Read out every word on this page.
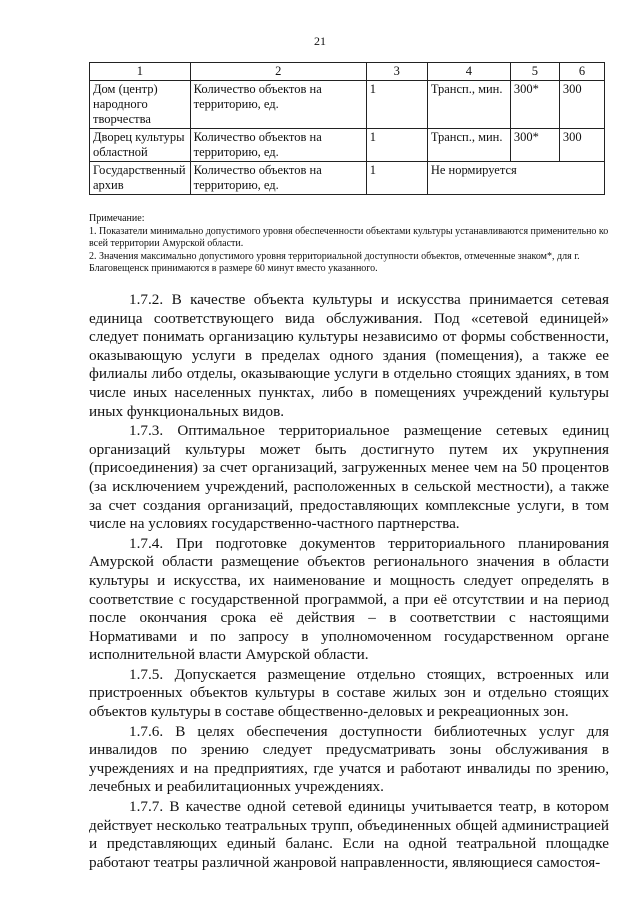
21
1	2	3	4	5	6
Дом (центр) народного творчества	Количество объектов на территорию, ед.	1	Трансп., мин.	300*	300
Дворец культуры областной	Количество объектов на территорию, ед.	1	Трансп., мин.	300*	300
Государственный архив	Количество объектов на территорию, ед.	1	Не нормируется		

Примечание:

1. Показатели минимально допустимого уровня обеспеченности объектами культуры устанавливаются применительно ко всей территории Амурской области.

2. Значения максимально допустимого уровня территориальной доступности объектов, отмеченные знаком*, для г. Благовещенск принимаются в размере 60 минут вместо указанного.

1.7.2. В качестве объекта культуры и искусства принимается сетевая единица соответствующего вида обслуживания. Под «сетевой единицей» следует понимать организацию культуры независимо от формы собственности, оказывающую услуги в пределах одного здания (помещения), а также ее филиалы либо отделы, оказывающие услуги в отдельно стоящих зданиях, в том числе иных населенных пунктах, либо в помещениях учреждений культуры иных функциональных видов.

1.7.3. Оптимальное территориальное размещение сетевых единиц организаций культуры может быть достигнуто путем их укрупнения (присоединения) за счет организаций, загруженных менее чем на 50 процентов (за исключением учреждений, расположенных в сельской местности), а также за счет создания организаций, предоставляющих комплексные услуги, в том числе на условиях государственно-частного партнерства.

1.7.4. При подготовке документов территориального планирования Амурской области размещение объектов регионального значения в области культуры и искусства, их наименование и мощность следует определять в соответствие с государственной программой, а при её отсутствии и на период после окончания срока её действия – в соответствии с настоящими Нормативами и по запросу в уполномоченном государственном органе исполнительной власти Амурской области.

1.7.5. Допускается размещение отдельно стоящих, встроенных или пристроенных объектов культуры в составе жилых зон и отдельно стоящих объектов культуры в составе общественно-деловых и рекреационных зон.

1.7.6. В целях обеспечения доступности библиотечных услуг для инвалидов по зрению следует предусматривать зоны обслуживания в учреждениях и на предприятиях, где учатся и работают инвалиды по зрению, лечебных и реабилитационных учреждениях.

1.7.7. В качестве одной сетевой единицы учитывается театр, в котором действует несколько театральных трупп, объединенных общей администрацией и представляющих единый баланс. Если на одной театральной площадке работают театры различной жанровой направленности, являющиеся самостоя-
